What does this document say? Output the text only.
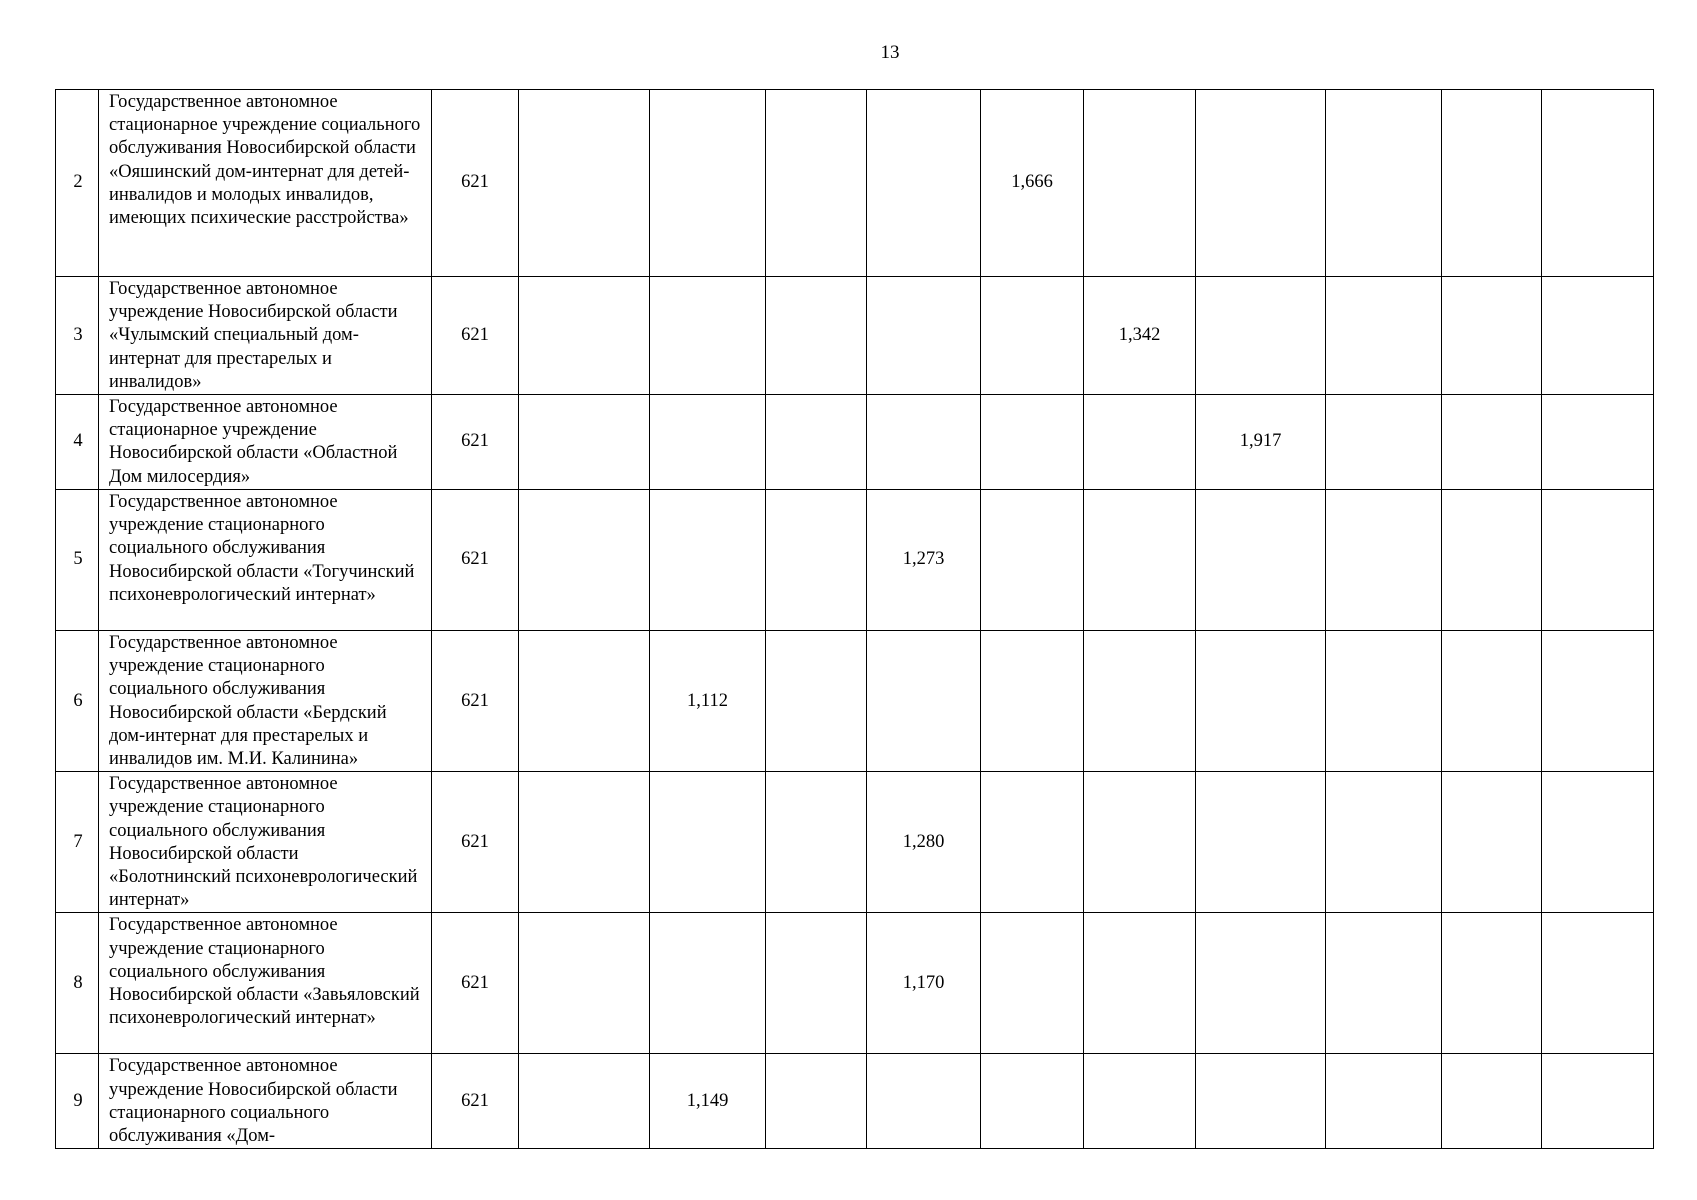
13
2	Государственное автономное стационарное учреждение социального обслуживания Новосибирской области «Ояшинский дом-интернат для детей-инвалидов и молодых инвалидов, имеющих психические расстройства»	621					1,666					
3	Государственное автономное учреждение Новосибирской области «Чулымский специальный дом-интернат для престарелых и инвалидов»	621						1,342				
4	Государственное автономное стационарное учреждение Новосибирской области «Областной Дом милосердия»	621							1,917			
5	Государственное автономное учреждение стационарного социального обслуживания Новосибирской области «Тогучинский психоневрологический интернат»	621				1,273						
6	Государственное автономное учреждение стационарного социального обслуживания Новосибирской области «Бердский дом-интернат для престарелых и инвалидов им. М.И. Калинина»	621		1,112								
7	Государственное автономное учреждение стационарного социального обслуживания Новосибирской области «Болотнинский психоневрологический интернат»	621				1,280						
8	Государственное автономное учреждение стационарного социального обслуживания Новосибирской области «Завьяловский психоневрологический интернат»	621				1,170						
9	Государственное автономное учреждение Новосибирской области стационарного социального обслуживания «Дом-	621		1,149								
